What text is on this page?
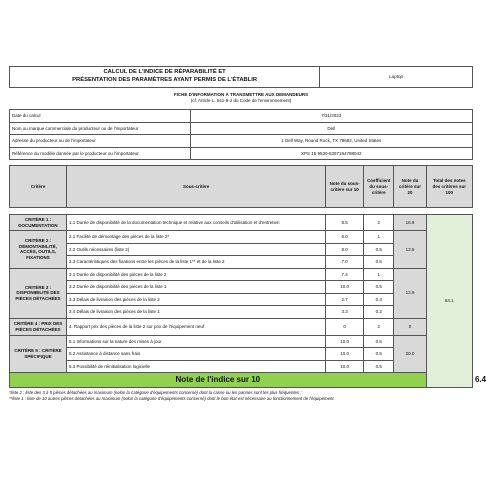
CALCUL DE L'INDICE DE RÉPARABILITÉ ET
PRÉSENTATION DES PARAMÈTRES AYANT PERMIS DE L'ÉTABLIR	Laptop
FICHE D'INFORMATION À TRANSMETTRE AUX DEMANDEURS
(cf. Article L. 541-9-2 du Code de l'environnement)
Date du calcul	7/31/2023
Nom ou marque commerciale du producteur ou de l'importateur	Dell
Adresse du producteur ou de l'importateur	1 Dell Way, Round Rock, TX 78682, United States
Référence du modèle donnée par le producteur ou l'importateur	XPS 15 9530-5397184788042
Critère	Sous-critère	Note du sous-critère sur 10	Coefficient du sous-critère	Note du critère sur 20	Total des notes des critères sur 100	

CRITÈRE 1 : DOCUMENTATION	1.1 Durée de disponibilité de la documentation technique et relative aux conseils d'utilisation et d'entretien	8.5	2	16.9	64.1	
CRITÈRE 2 : DÉMONTABILITÉ, ACCÈS, OUTILS, FIXATIONS	2.1 Facilité de démontage des pièces de la liste 2*	6.0	1	13.5		
	2.2 Outils nécessaires (liste 2)	8.0	0.5			
	2.3 Caractéristiques des fixations entre les pièces de la liste 1** et de la liste 2	7.0	0.5			
CRITÈRE 3 : DISPONIBILITÉ DES PIÈCES DÉTACHÉES	3.1 Durée de disponibilité des pièces de la liste 2	7.4	1	13.9		
	3.2 Durée de disponibilité des pièces de la liste 1	10.0	0.5			
	3.3 Délais de livraison des pièces de la liste 2	2.7	0.3			
	3.4 Délais de livraison des pièces de la liste 1	3.3	0.2			
CRITÈRE 4 : PRIX DES PIÈCES DÉTACHÉES	4. Rapport prix des pièces de la liste 2 sur prix de l'équipement neuf	0	2	0		
CRITÈRE 5 : CRITÈRE SPÉCIFIQUE	5.1 Informations sur la nature des mises à jour	10.0	0.5	20.0		
	5.2 Assistance à distance sans frais	10.0	0.5			
	5.3 Possibilité de réinitialisation logicielle	10.0	0.5			
Note de l'indice sur 10						6.4
*liste 2 : liste des 3 à 5 pièces détachées au maximum (selon la catégorie d'équipements concerné) dont la casse ou les pannes sont les plus fréquentes ;
**liste 1 : liste de 10 autres pièces détachées au maximum (selon la catégorie d'équipements concerné) dont le bon état est nécessaire au fonctionnement de l'équipement.
